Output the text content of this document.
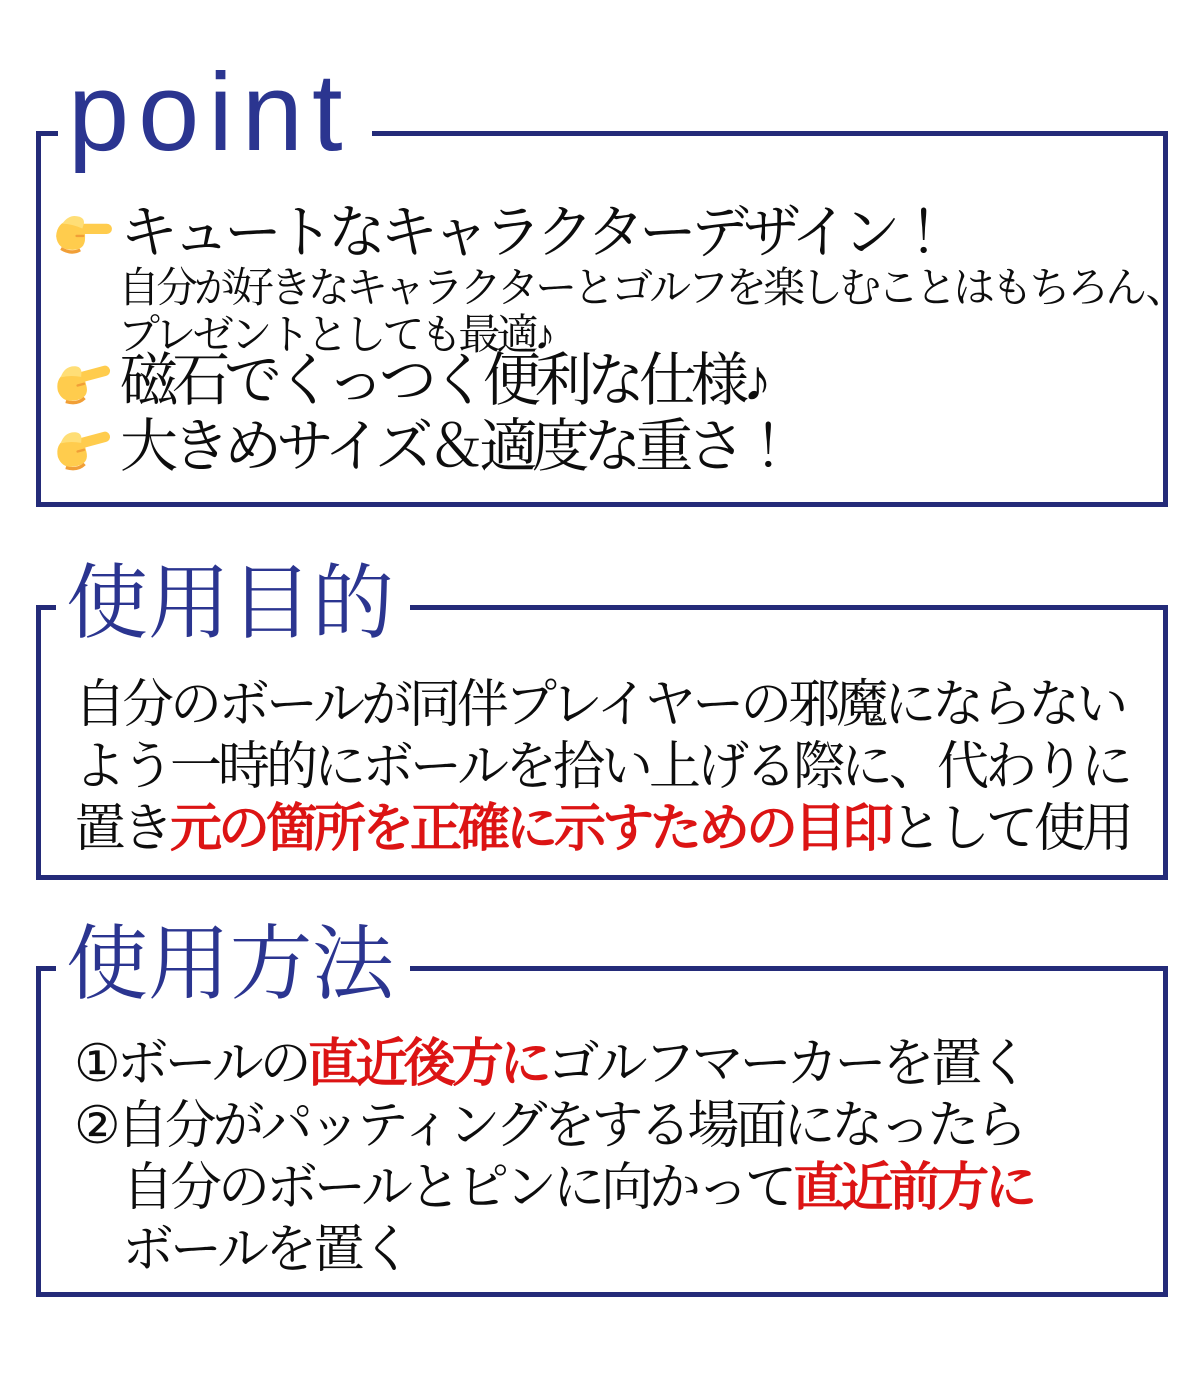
point
キュートなキャラクターデザイン！
自分が好きなキャラクターとゴルフを楽しむことはもちろん、
プレゼントとしても最適♪
磁石でくっつく便利な仕様♪
大きめサイズ＆適度な重さ！
使用目的
自分のボールが同伴プレイヤーの邪魔にならない
よう一時的にボールを拾い上げる際に、代わりに
置き元の箇所を正確に示すための目印として使用
使用方法
①ボールの直近後方にゴルフマーカーを置く
②自分がパッティングをする場面になったら
自分のボールとピンに向かって直近前方に
ボールを置く
